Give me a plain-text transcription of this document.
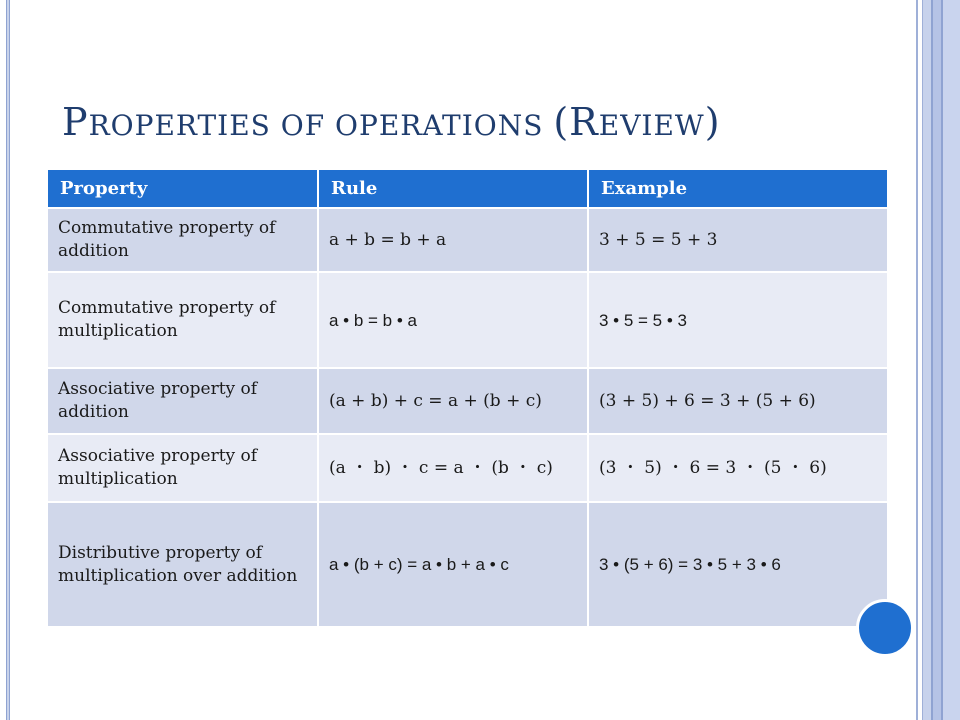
PROPERTIES OF OPERATIONS (REVIEW)
Property	Rule	Example
Commutative property of addition	a + b = b + a	3 + 5 = 5 + 3
Commutative property of
multiplication	a • b = b • a	3 • 5 = 5 • 3
Associative property of addition	(a + b) + c = a + (b + c)	(3 + 5) + 6 = 3 + (5 + 6)
Associative property of multiplication	(a ・ b) ・ c = a ・ (b ・ c)	(3 ・ 5) ・ 6 = 3 ・ (5 ・ 6)
Distributive property of
multiplication over addition	a • (b + c) = a • b + a • c	3 • (5 + 6) = 3 • 5 + 3 • 6
